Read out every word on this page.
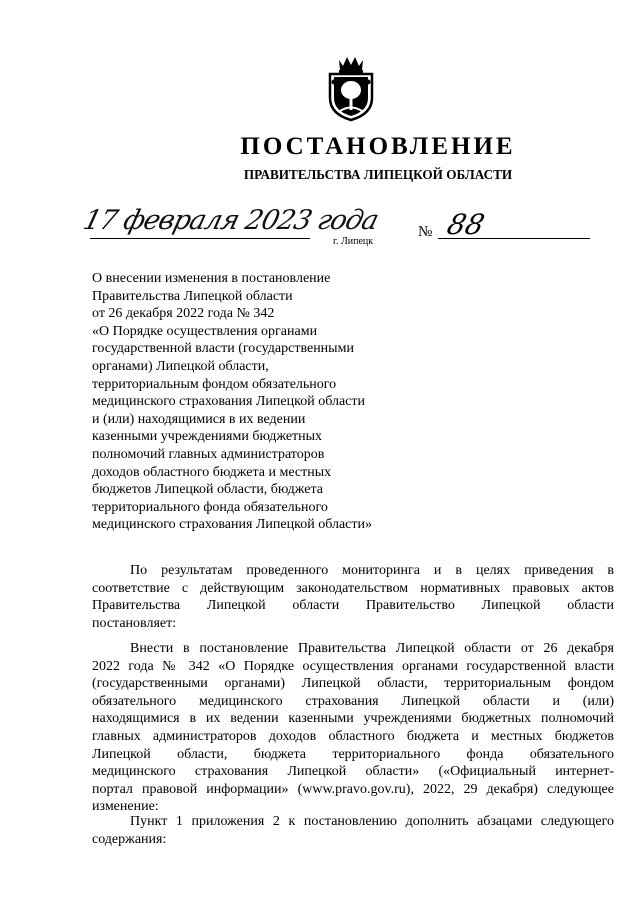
ПОСТАНОВЛЕНИЕ
ПРАВИТЕЛЬСТВА ЛИПЕЦКОЙ ОБЛАСТИ
17 февраля 2023 года
г. Липецк
№ 88
О внесении изменения в постановление
Правительства Липецкой области
от 26 декабря 2022 года № 342
«О Порядке осуществления органами
государственной власти (государственными
органами) Липецкой области,
территориальным фондом обязательного
медицинского страхования Липецкой области
и (или) находящимися в их ведении
казенными учреждениями бюджетных
полномочий главных администраторов
доходов областного бюджета и местных
бюджетов Липецкой области, бюджета
территориального фонда обязательного
медицинского страхования Липецкой области»
По результатам проведенного мониторинга и в целях приведения в
соответствие с действующим законодательством нормативных правовых актов
Правительства Липецкой области Правительство Липецкой области
постановляет:
Внести в постановление Правительства Липецкой области от 26 декабря
2022 года № 342 «О Порядке осуществления органами государственной власти
(государственными органами) Липецкой области, территориальным фондом
обязательного медицинского страхования Липецкой области и (или)
находящимися в их ведении казенными учреждениями бюджетных полномочий
главных администраторов доходов областного бюджета и местных бюджетов
Липецкой области, бюджета территориального фонда обязательного
медицинского страхования Липецкой области» («Официальный интернет-
портал правовой информации» (www.pravo.gov.ru), 2022, 29 декабря) следующее
изменение:
Пункт 1 приложения 2 к постановлению дополнить абзацами следующего
содержания:
